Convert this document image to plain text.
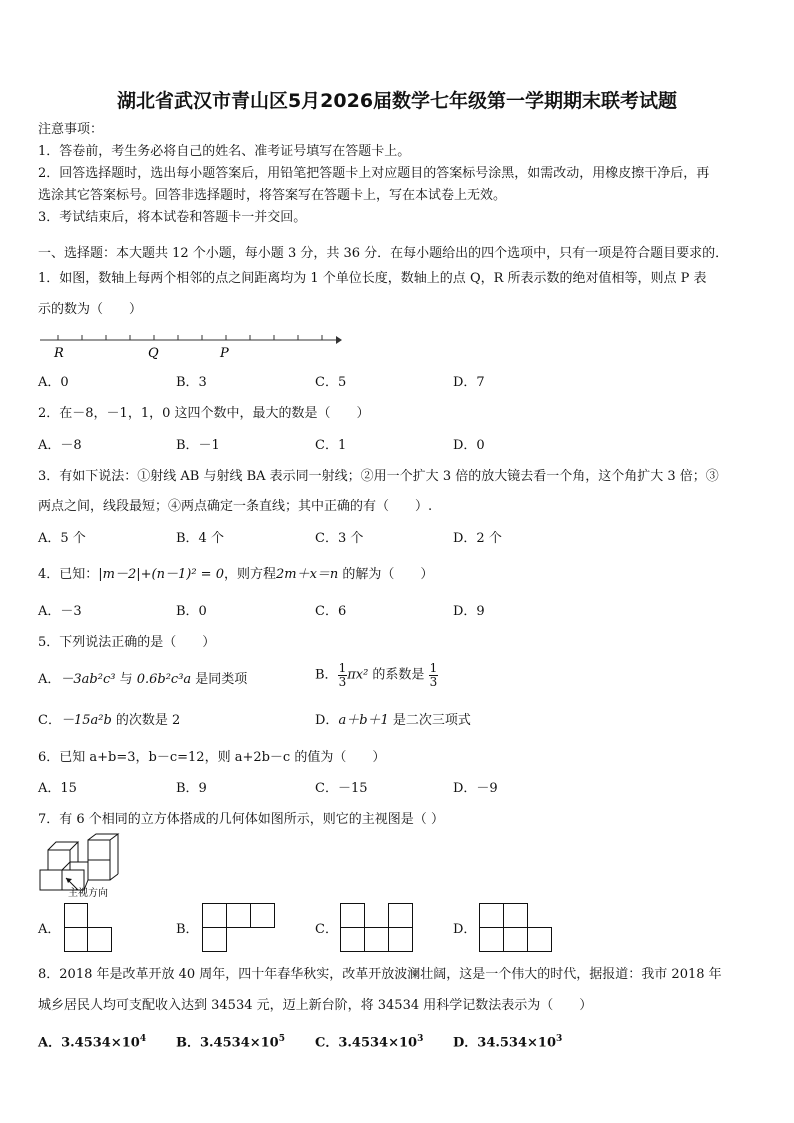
湖北省武汉市青山区5月2026届数学七年级第一学期期末联考试题
注意事项：
1．答卷前，考生务必将自己的姓名、准考证号填写在答题卡上。
2．回答选择题时，选出每小题答案后，用铅笔把答题卡上对应题目的答案标号涂黑，如需改动，用橡皮擦干净后，再
选涂其它答案标号。回答非选择题时，将答案写在答题卡上，写在本试卷上无效。
3．考试结束后，将本试卷和答题卡一并交回。
一、选择题：本大题共 12 个小题，每小题 3 分，共 36 分．在每小题给出的四个选项中，只有一项是符合题目要求的．
1．如图，数轴上每两个相邻的点之间距离均为 1 个单位长度，数轴上的点 Q，R 所表示数的绝对值相等，则点 P 表
示的数为（　　）
R	Q	P
A．0	B．3	C．5	D．7
2．在－8，－1，1，0 这四个数中，最大的数是（　　）
A．－8	B．－1	C．1	D．0
3．有如下说法：①射线 AB 与射线 BA 表示同一射线；②用一个扩大 3 倍的放大镜去看一个角，这个角扩大 3 倍；③
两点之间，线段最短；④两点确定一条直线；其中正确的有（　　）.
A．5 个	B．4 个	C．3 个	D．2 个
4．已知：|m－2|+(n－1)² = 0，则方程2m＋x＝n 的解为（　　）
A．－3	B．0	C．6	D．9
5．下列说法正确的是（　　）
A．－3ab²c³ 与 0.6b²c³a 是同类项	B． $\frac{1}{3} \pi x^2$ 的系数是 $\frac{1}{3}$
C．－15a²b 的次数是 2	D．a＋b＋1 是二次三项式
6．已知 a+b=3，b－c=12，则 a+2b－c 的值为（　　）
A．15	B．9	C．－15	D．－9
7．有 6 个相同的立方体搭成的几何体如图所示，则它的主视图是（ ）
主视方向
A．	B．	C．	D．
8．2018 年是改革开放 40 周年，四十年春华秋实，改革开放波澜壮阔，这是一个伟大的时代，据报道：我市 2018 年
城乡居民人均可支配收入达到 34534 元，迈上新台阶，将 34534 用科学记数法表示为（　　）
A．$3.4534\times 10^4$ B．$3.4534\times 10^5$ C．$3.4534\times 10^3$ D．$34.534\times 10^3$
